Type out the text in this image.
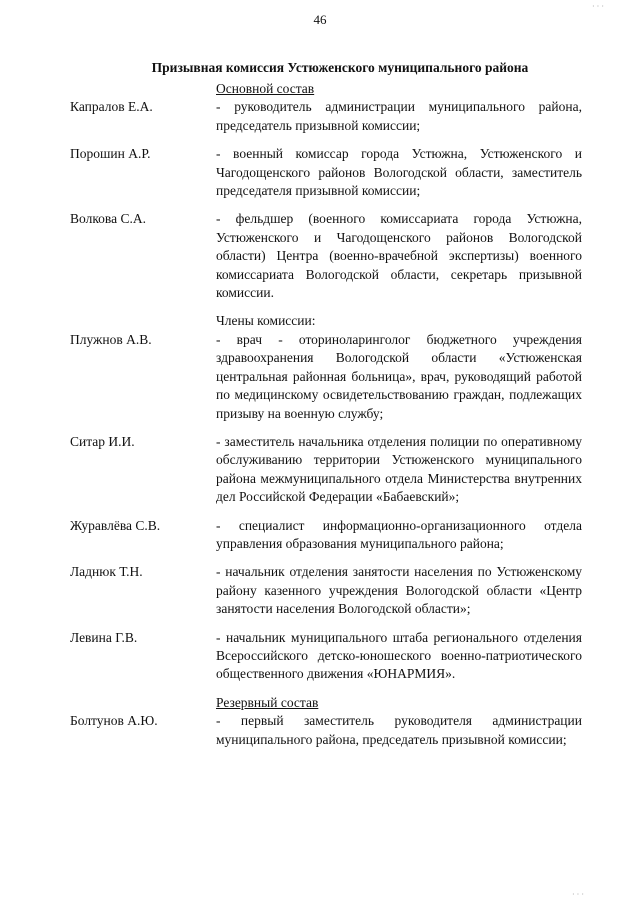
46
Призывная комиссия Устюженского муниципального района
Основной состав
Капралов Е.А.	- руководитель администрации муниципального района, председатель призывной комиссии;
Порошин А.Р.	- военный комиссар города Устюжна, Устюженского и Чагодощенского районов Вологодской области, заместитель председателя призывной комиссии;
Волкова С.А.	- фельдшер (военного комиссариата города Устюжна, Устюженского и Чагодощенского районов Вологодской области) Центра (военно-врачебной экспертизы) военного комиссариата Вологодской области, секретарь призывной комиссии.
Члены комиссии:
Плужнов А.В.	- врач - оториноларинголог бюджетного учреждения здравоохранения Вологодской области «Устюженская центральная районная больница», врач, руководящий работой по медицинскому освидетельствованию граждан, подлежащих призыву на военную службу;
Ситар И.И.	- заместитель начальника отделения полиции по оперативному обслуживанию территории Устюженского муниципального района межмуниципального отдела Министерства внутренних дел Российской Федерации «Бабаевский»;
Журавлёва С.В.	- специалист информационно-организационного отдела управления образования муниципального района;
Ладнюк Т.Н.	- начальник отделения занятости населения по Устюженскому району казенного учреждения Вологодской области «Центр занятости населения Вологодской области»;
Левина Г.В.	- начальник муниципального штаба регионального отделения Всероссийского детско-юношеского военно-патриотического общественного движения «ЮНАРМИЯ».
Резервный состав
Болтунов А.Ю.	- первый заместитель руководителя администрации муниципального района, председатель призывной комиссии;
· · ·
· · ·
